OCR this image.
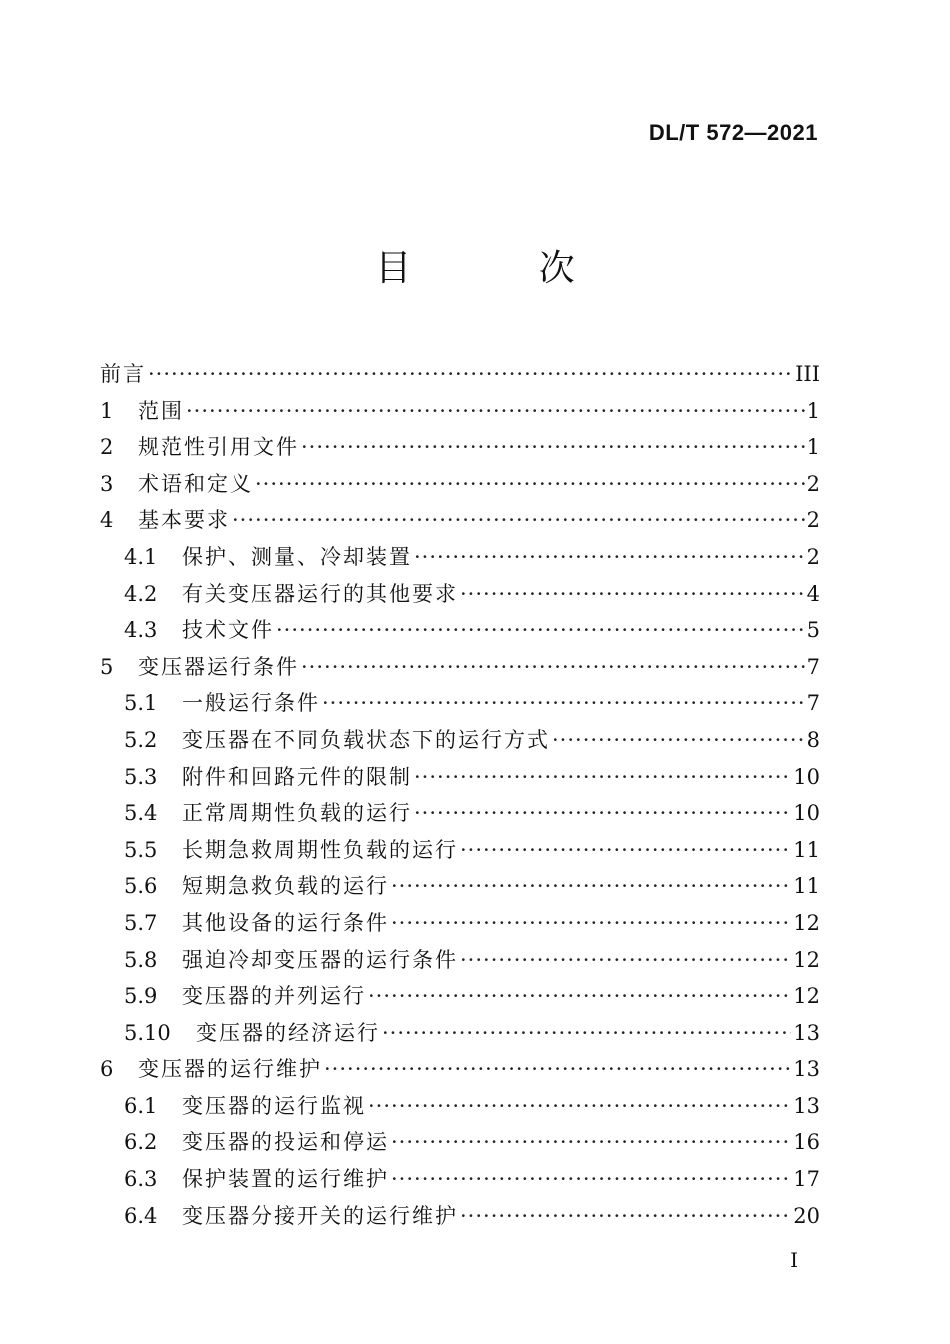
DL/T 572—2021
目 次
前言 ·····	III
1	范围 ·····	1
2	规范性引用文件 ·····	1
3	术语和定义 ·····	2
4	基本要求 ·····	2
4.1	保护、测量、冷却装置 ·····	2
4.2	有关变压器运行的其他要求 ·····	4
4.3	技术文件 ·····	5
5	变压器运行条件 ·····	7
5.1	一般运行条件 ·····	7
5.2	变压器在不同负载状态下的运行方式 ·····	8
5.3	附件和回路元件的限制 ·····	10
5.4	正常周期性负载的运行 ·····	10
5.5	长期急救周期性负载的运行 ·····	11
5.6	短期急救负载的运行 ·····	11
5.7	其他设备的运行条件 ·····	12
5.8	强迫冷却变压器的运行条件 ·····	12
5.9	变压器的并列运行 ·····	12
5.10	变压器的经济运行 ·····	13
6	变压器的运行维护 ·····	13
6.1	变压器的运行监视 ·····	13
6.2	变压器的投运和停运 ·····	16
6.3	保护装置的运行维护 ·····	17
6.4	变压器分接开关的运行维护 ·····	20
I
